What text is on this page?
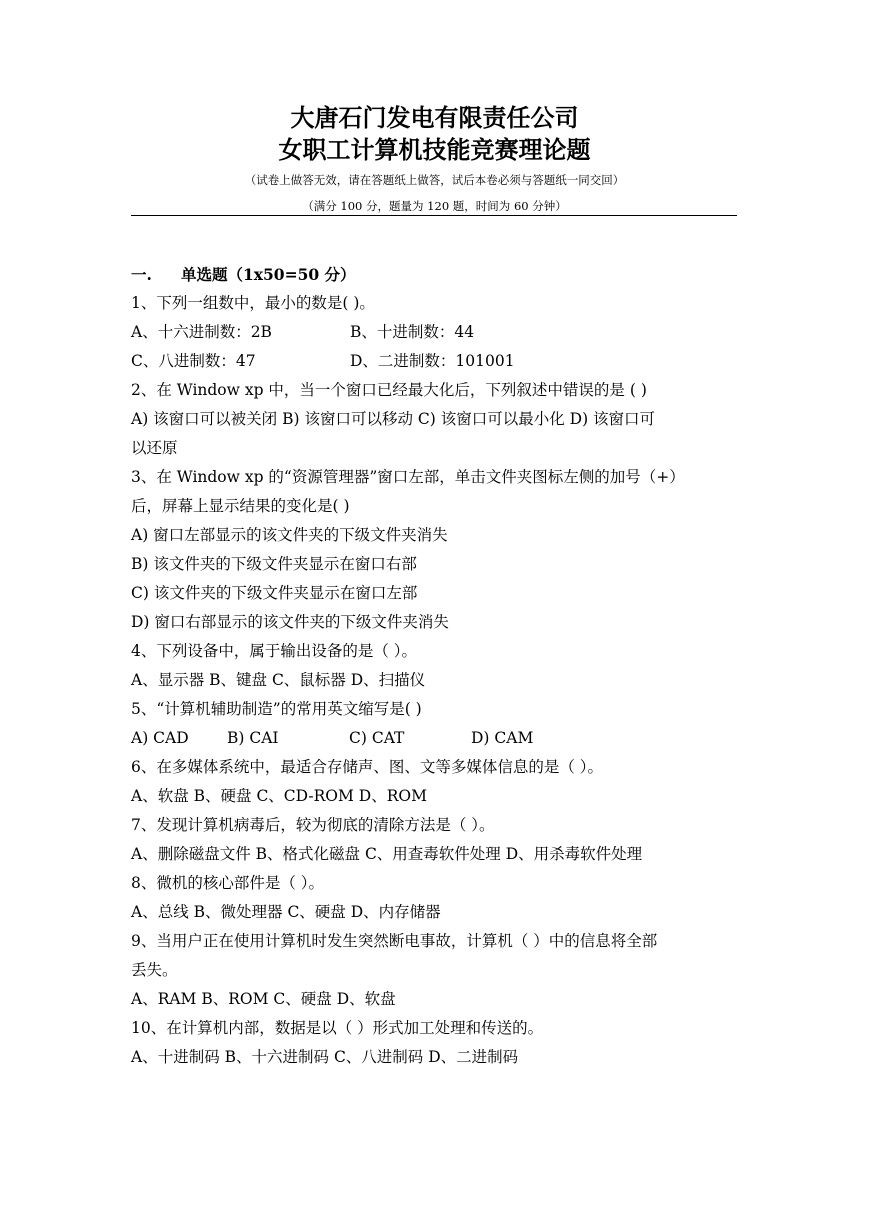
大唐石门发电有限责任公司
女职工计算机技能竞赛理论题
（试卷上做答无效，请在答题纸上做答，试后本卷必须与答题纸一同交回）
（满分 100 分，题量为 120 题，时间为 60 分钟）
一. 单选题（1x50=50 分）
1、下列一组数中，最小的数是( )。
A、十六进制数：2B	B、十进制数：44
C、八进制数：47	D、二进制数：101001
2、在 Window xp 中，当一个窗口已经最大化后，下列叙述中错误的是 ( )
A) 该窗口可以被关闭 B) 该窗口可以移动 C) 该窗口可以最小化 D) 该窗口可
以还原
3、在 Window xp 的“资源管理器”窗口左部，单击文件夹图标左侧的加号（+）
后，屏幕上显示结果的变化是( )
A) 窗口左部显示的该文件夹的下级文件夹消失
B) 该文件夹的下级文件夹显示在窗口右部
C) 该文件夹的下级文件夹显示在窗口左部
D) 窗口右部显示的该文件夹的下级文件夹消失
4、下列设备中，属于输出设备的是（ ）。
A、显示器 B、键盘 C、鼠标器 D、扫描仪
5、“计算机辅助制造”的常用英文缩写是( )
A) CAD B) CAI	C) CAT	D) CAM
6、在多媒体系统中，最适合存储声、图、文等多媒体信息的是（ ）。
A、软盘 B、硬盘 C、CD-ROM D、ROM
7、发现计算机病毒后，较为彻底的清除方法是（ ）。
A、删除磁盘文件 B、格式化磁盘 C、用查毒软件处理 D、用杀毒软件处理
8、微机的核心部件是（ ）。
A、总线 B、微处理器 C、硬盘 D、内存储器
9、当用户正在使用计算机时发生突然断电事故，计算机（ ）中的信息将全部
丢失。
A、RAM B、ROM C、硬盘 D、软盘
10、在计算机内部，数据是以（ ）形式加工处理和传送的。
A、十进制码 B、十六进制码 C、八进制码 D、二进制码
